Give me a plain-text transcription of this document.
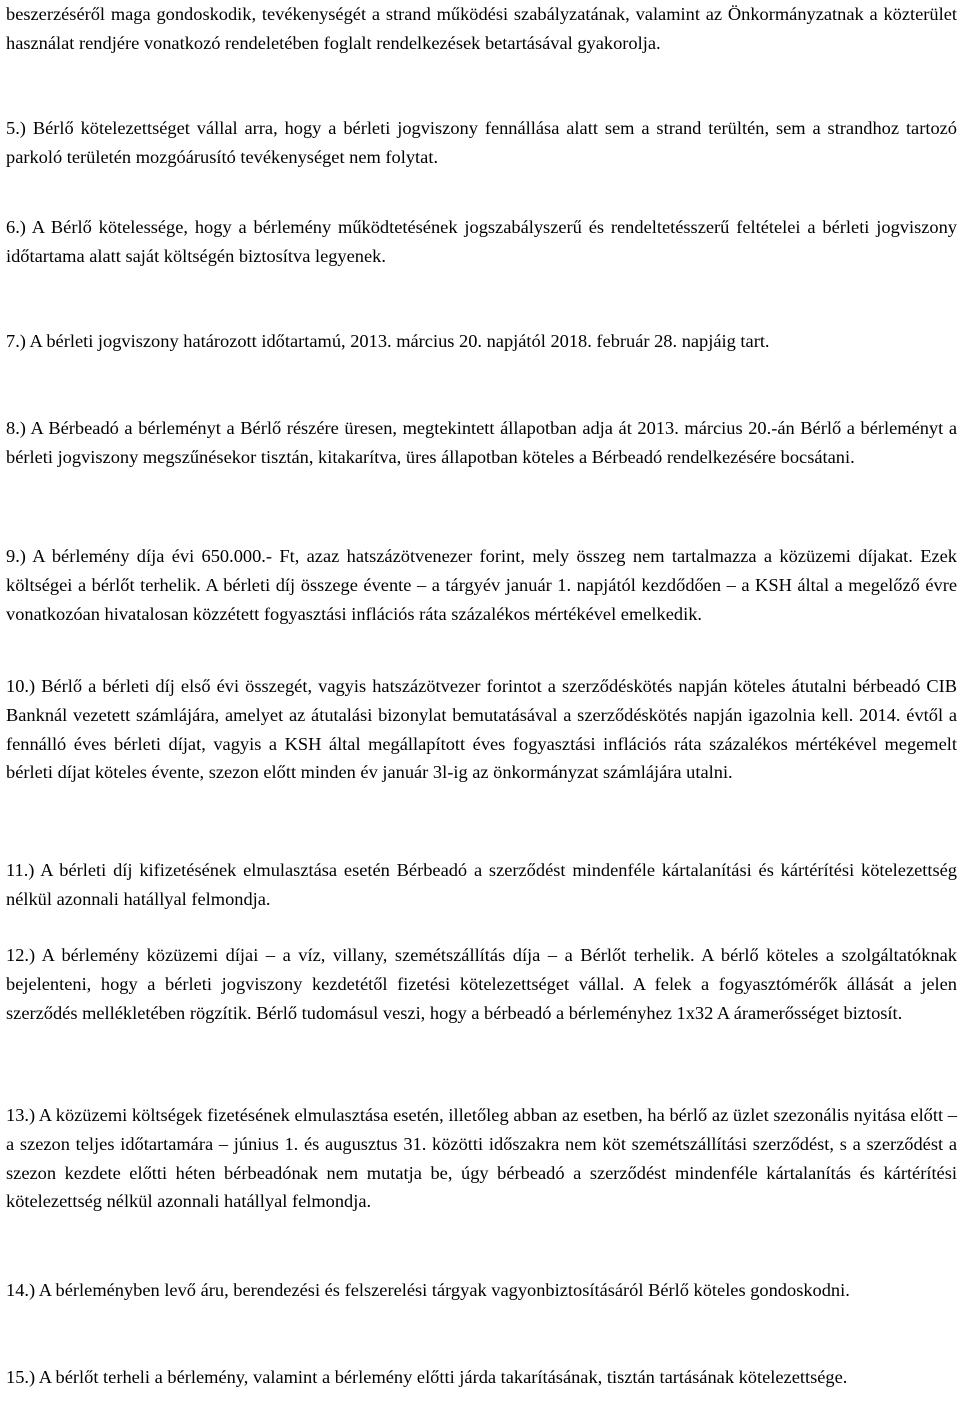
beszerzéséről maga gondoskodik, tevékenységét a strand működési szabályzatának, valamint az Önkormányzatnak a közterület használat rendjére vonatkozó rendeletében foglalt rendelkezések betartásával gyakorolja.

5.) Bérlő kötelezettséget vállal arra, hogy a bérleti jogviszony fennállása alatt sem a strand terültén, sem a strandhoz tartozó parkoló területén mozgóárusító tevékenységet nem folytat.

6.) A Bérlő kötelessége, hogy a bérlemény működtetésének jogszabályszerű és rendeltetésszerű feltételei a bérleti jogviszony időtartama alatt saját költségén biztosítva legyenek.

7.) A bérleti jogviszony határozott időtartamú, 2013. március 20. napjától 2018. február 28. napjáig tart.

8.) A Bérbeadó a bérleményt a Bérlő részére üresen, megtekintett állapotban adja át 2013. március 20.-án Bérlő a bérleményt a bérleti jogviszony megszűnésekor tisztán, kitakarítva, üres állapotban köteles a Bérbeadó rendelkezésére bocsátani.

9.) A bérlemény díja évi 650.000.- Ft, azaz hatszázötvenezer forint, mely összeg nem tartalmazza a közüzemi díjakat. Ezek költségei a bérlőt terhelik. A bérleti díj összege évente – a tárgyév január 1. napjától kezdődően – a KSH által a megelőző évre vonatkozóan hivatalosan közzétett fogyasztási inflációs ráta százalékos mértékével emelkedik.

10.) Bérlő a bérleti díj első évi összegét, vagyis hatszázötvezer forintot a szerződéskötés napján köteles átutalni bérbeadó CIB Banknál vezetett számlájára, amelyet az átutalási bizonylat bemutatásával a szerződéskötés napján igazolnia kell. 2014. évtől a fennálló éves bérleti díjat, vagyis a KSH által megállapított éves fogyasztási inflációs ráta százalékos mértékével megemelt bérleti díjat köteles évente, szezon előtt minden év január 3l-ig az önkormányzat számlájára utalni.

11.) A bérleti díj kifizetésének elmulasztása esetén Bérbeadó a szerződést mindenféle kártalanítási és kártérítési kötelezettség nélkül azonnali hatállyal felmondja.

12.) A bérlemény közüzemi díjai – a víz, villany, szemétszállítás díja – a Bérlőt terhelik. A bérlő köteles a szolgáltatóknak bejelenteni, hogy a bérleti jogviszony kezdetétől fizetési kötelezettséget vállal. A felek a fogyasztómérők állását a jelen szerződés mellékletében rögzítik. Bérlő tudomásul veszi, hogy a bérbeadó a bérleményhez 1x32 A áramerősséget biztosít.

13.) A közüzemi költségek fizetésének elmulasztása esetén, illetőleg abban az esetben, ha bérlő az üzlet szezonális nyitása előtt – a szezon teljes időtartamára – június 1. és augusztus 31. közötti időszakra nem köt szemétszállítási szerződést, s a szerződést a szezon kezdete előtti héten bérbeadónak nem mutatja be, úgy bérbeadó a szerződést mindenféle kártalanítás és kártérítési kötelezettség nélkül azonnali hatállyal felmondja.

14.) A bérleményben levő áru, berendezési és felszerelési tárgyak vagyonbiztosításáról Bérlő köteles gondoskodni.

15.) A bérlőt terheli a bérlemény, valamint a bérlemény előtti járda takarításának, tisztán tartásának kötelezettsége.
